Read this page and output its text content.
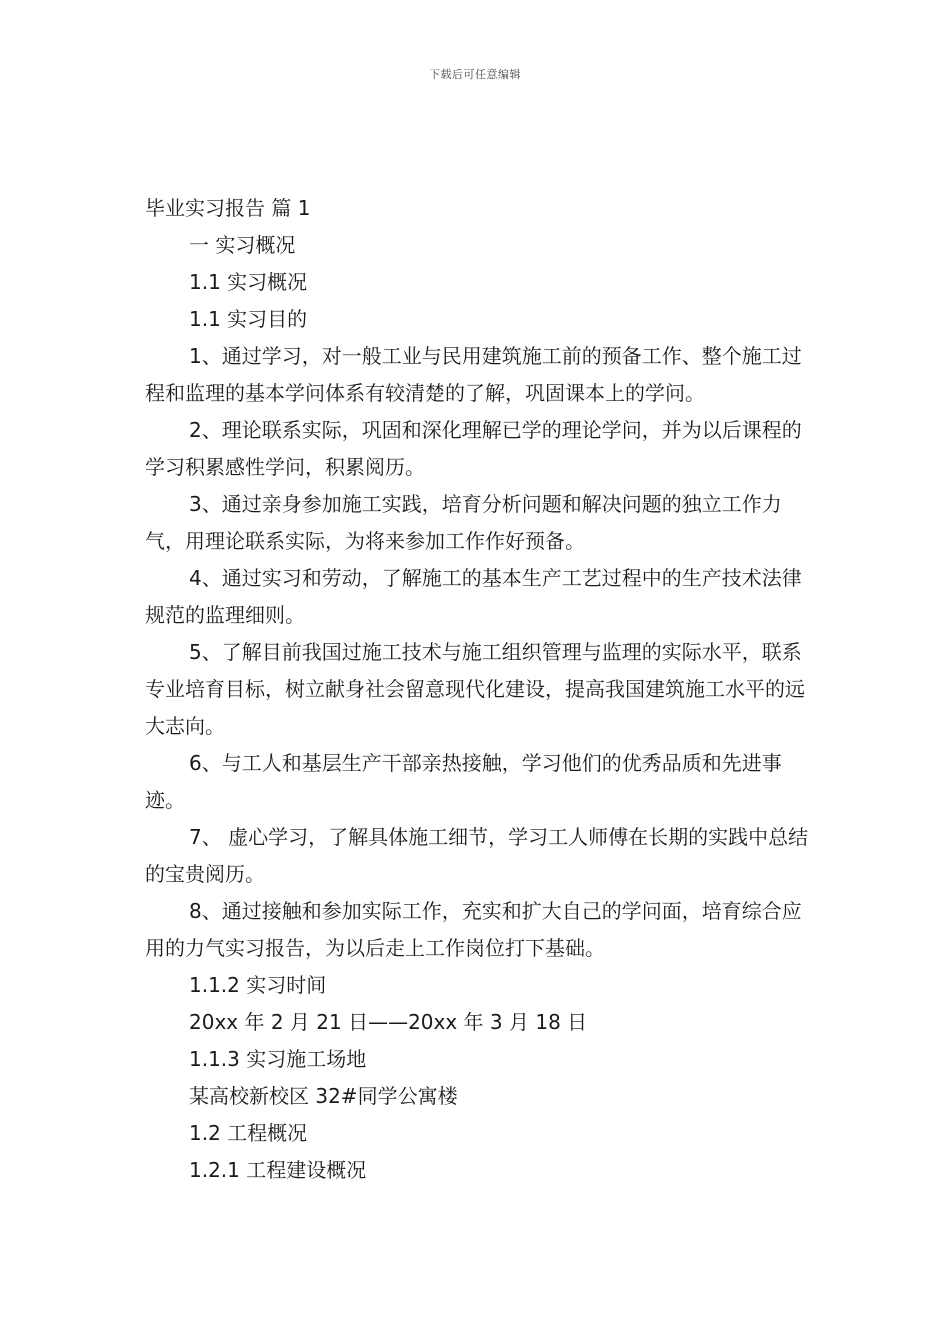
下载后可任意编辑

毕业实习报告 篇 1

一 实习概况

1.1 实习概况

1.1 实习目的

1、通过学习，对一般工业与民用建筑施工前的预备工作、整个施工过程和监理的基本学问体系有较清楚的了解，巩固课本上的学问。

2、理论联系实际，巩固和深化理解已学的理论学问，并为以后课程的学习积累感性学问，积累阅历。

3、通过亲身参加施工实践，培育分析问题和解决问题的独立工作力气，用理论联系实际，为将来参加工作作好预备。

4、通过实习和劳动，了解施工的基本生产工艺过程中的生产技术法律规范的监理细则。

5、了解目前我国过施工技术与施工组织管理与监理的实际水平，联系专业培育目标，树立献身社会留意现代化建设，提高我国建筑施工水平的远大志向。

6、与工人和基层生产干部亲热接触，学习他们的优秀品质和先进事迹。

7、 虚心学习，了解具体施工细节，学习工人师傅在长期的实践中总结的宝贵阅历。

8、通过接触和参加实际工作，充实和扩大自己的学问面，培育综合应用的力气实习报告，为以后走上工作岗位打下基础。

1.1.2 实习时间

20xx 年 2 月 21 日——20xx 年 3 月 18 日

1.1.3 实习施工场地

某高校新校区 32#同学公寓楼

1.2 工程概况

1.2.1 工程建设概况
